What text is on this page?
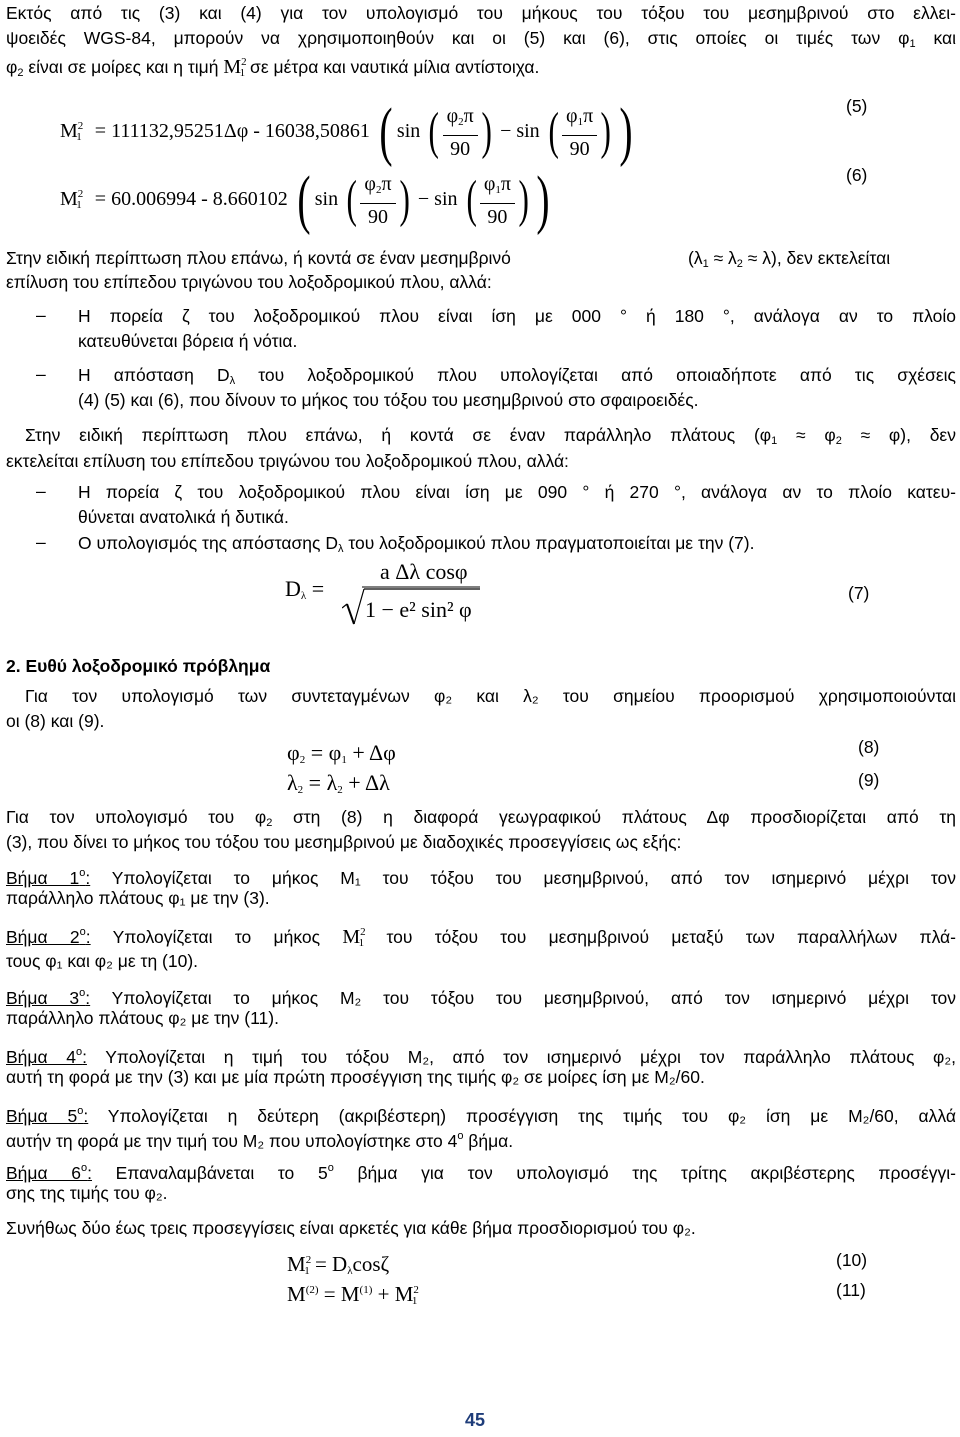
Εκτός από τις (3) και (4) για τον υπολογισμό του μήκους του τόξου του μεσημβρινού στο ελλει-
ψοειδές WGS-84, μπορούν να χρησιμοποιηθούν και οι (5) και (6), στις οποίες οι τιμές των $\varphi_1$ και
$\varphi_2$ είναι σε μοίρες και η τιμή $M^2_1$ σε μέτρα και ναυτικά μίλια αντίστοιχα.
$M^2_1 = 111132,95251\Delta\varphi - 16038,50861$ ( sin ( $\frac{\varphi_2\pi}{90}$ ) − sin ( $\frac{\varphi_1\pi}{90}$ ) )	(5)
$M^2_1 = 60.006994 - 8.660102$ ( sin ( $\frac{\varphi_2\pi}{90}$ ) − sin ( $\frac{\varphi_1\pi}{90}$ ) )	(6)
Στην ειδική περίπτωση πλου επάνω, ή κοντά σε έναν μεσημβρινό	$(\lambda_1 \approx \lambda_2 \approx \lambda)$, δεν εκτελείται
επίλυση του επίπεδου τριγώνου του λοξοδρομικού πλου, αλλά:
– Η πορεία ζ του λοξοδρομικού πλου είναι ίση με 000 ° ή 180 °, ανάλογα αν το πλοίο
κατευθύνεται βόρεια ή νότια.
– Η απόσταση $D_\lambda$ του λοξοδρομικού πλου υπολογίζεται από οποιαδήποτε από τις σχέσεις
(4) (5) και (6), που δίνουν το μήκος του τόξου του μεσημβρινού στο σφαιροειδές.
Στην ειδική περίπτωση πλου επάνω, ή κοντά σε έναν παράλληλο πλάτους $(\varphi_1 \approx \varphi_2 \approx \varphi)$, δεν
εκτελείται επίλυση του επίπεδου τριγώνου του λοξοδρομικού πλου, αλλά:
– Η πορεία ζ του λοξοδρομικού πλου είναι ίση με 090 ° ή 270 °, ανάλογα αν το πλοίο κατευ-
θύνεται ανατολικά ή δυτικά.
– Ο υπολογισμός της απόστασης $D_\lambda$ του λοξοδρομικού πλου πραγματοποιείται με την (7).
$D_\lambda$ =
a Δλ cosφ
1 − e² sin² φ
(7)
2. Ευθύ λοξοδρομικό πρόβλημα
Για τον υπολογισμό των συντεταγμένων φ₂ και λ₂ του σημείου προορισμού χρησιμοποιούνται
οι (8) και (9).
$\varphi_2 = \varphi_1 + \Delta\varphi$	(8)
$\lambda_2 = \lambda_2 + \Delta\lambda$	(9)
Για τον υπολογισμό του $\varphi_2$ στη (8) η διαφορά γεωγραφικού πλάτους Δφ προσδιορίζεται από τη
(3), που δίνει το μήκος του τόξου του μεσημβρινού με διαδοχικές προσεγγίσεις ως εξής:
Βήμα $1^o$: Υπολογίζεται το μήκος M₁ του τόξου του μεσημβρινού, από τον ισημερινό μέχρι τον
παράλληλο πλάτους φ₁ με την (3).
Βήμα $2^o$: Υπολογίζεται το μήκος $M^2_1$ του τόξου του μεσημβρινού μεταξύ των παραλλήλων πλά-
τους φ₁ και φ₂ με τη (10).
Βήμα $3^o$: Υπολογίζεται το μήκος M₂ του τόξου του μεσημβρινού, από τον ισημερινό μέχρι τον
παράλληλο πλάτους φ₂ με την (11).
Βήμα $4^o$: Υπολογίζεται η τιμή του τόξου M₂, από τον ισημερινό μέχρι τον παράλληλο πλάτους φ₂,
αυτή τη φορά με την (3) και με μία πρώτη προσέγγιση της τιμής φ₂ σε μοίρες ίση με M₂/60.
Βήμα $5^o$: Υπολογίζεται η δεύτερη (ακριβέστερη) προσέγγιση της τιμής του φ₂ ίση με M₂/60, αλλά
αυτήν τη φορά με την τιμή του M₂ που υπολογίστηκε στο $4^o$ βήμα.
Βήμα $6^o$: Επαναλαμβάνεται το $5^o$ βήμα για τον υπολογισμό της τρίτης ακριβέστερης προσέγγι-
σης της τιμής του φ₂.
Συνήθως δύο έως τρεις προσεγγίσεις είναι αρκετές για κάθε βήμα προσδιορισμού του φ₂.
$M^2_1 = D_\lambda\cos\zeta$	(10)
$M^{(2)} = M^{(1)} + M^2_1$
(11)
45
